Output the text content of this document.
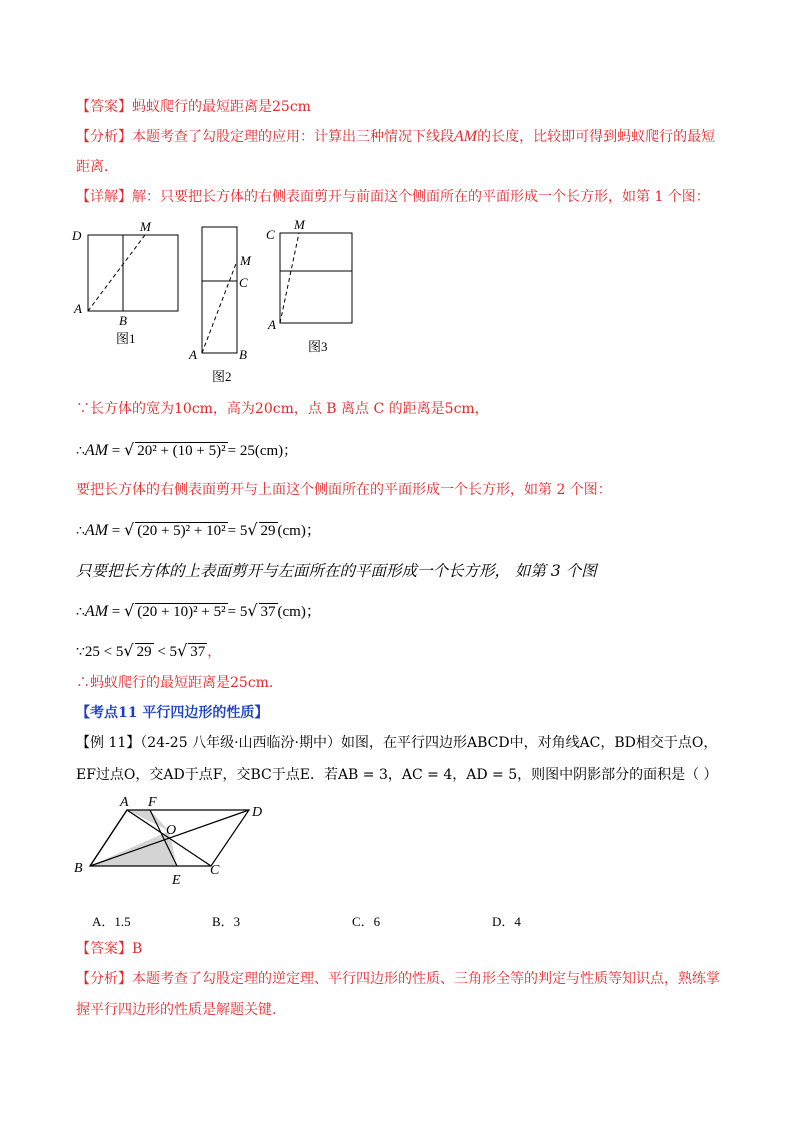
【答案】蚂蚁爬行的最短距离是25cm
【分析】本题考查了勾股定理的应用：计算出三种情况下线段AM的长度，比较即可得到蚂蚁爬行的最短
距离．
【详解】解：只要把长方体的右侧表面剪开与前面这个侧面所在的平面形成一个长方形，如第 1 个图：
D
M
A
B
M
C
A	B
C
M
A
图1
图2
图3
∵长方体的宽为10cm，高为20cm，点 B 离点 C 的距离是5cm，
∴AM = √ 20² + (10 + 5)² = 25(cm)；
要把长方体的右侧表面剪开与上面这个侧面所在的平面形成一个长方形，如第 2 个图：
∴AM = √ (20 + 5)² + 10² = 5√ 29 (cm)；
只要把长方体的上表面剪开与左面所在的平面形成一个长方形， 如第 3 个图
∴AM = √ (20 + 10)² + 5² = 5√ 37 (cm)；
∵25 < 5√ 29 < 5√ 37 ，
∴蚂蚁爬行的最短距离是25cm.
【考点11 平行四边形的性质】
【例 11】（24-25 八年级·山西临汾·期中）如图，在平行四边形ABCD中，对角线AC，BD相交于点O，
EF过点O，交AD于点F，交BC于点E．若AB = 3，AC = 4，AD = 5，则图中阴影部分的面积是（ ）
A F
D
O
B
E
C
A．1.5	B．3	C．6	D．4
【答案】B
【分析】本题考查了勾股定理的逆定理、平行四边形的性质、三角形全等的判定与性质等知识点，熟练掌
握平行四边形的性质是解题关键.
